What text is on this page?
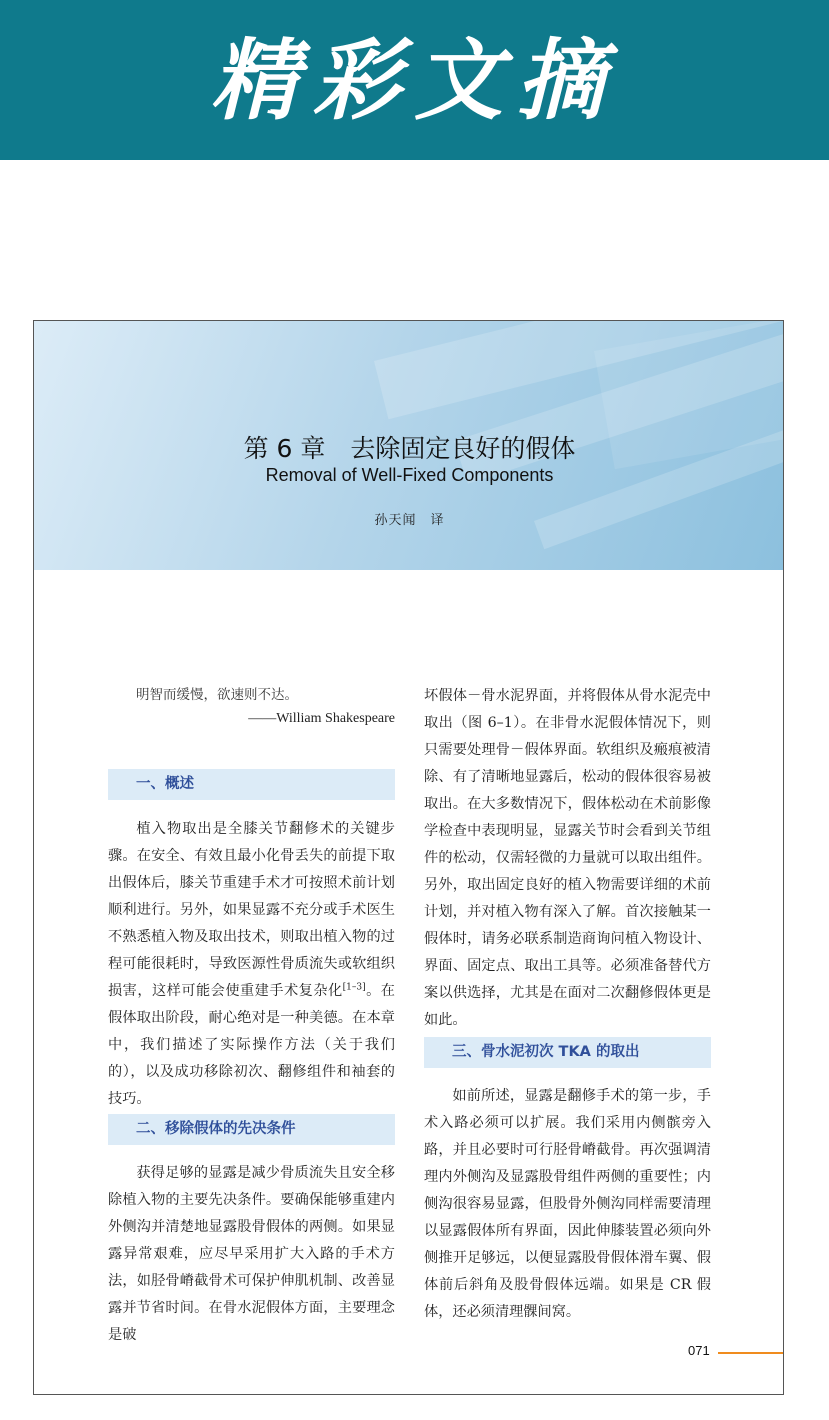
精彩文摘
第 6 章　去除固定良好的假体
Removal of Well-Fixed Components
孙天闻　译
明智而缓慢，欲速则不达。
——William Shakespeare
一、概述

植入物取出是全膝关节翻修术的关键步骤。在安全、有效且最小化骨丢失的前提下取出假体后，膝关节重建手术才可按照术前计划顺利进行。另外，如果显露不充分或手术医生不熟悉植入物及取出技术，则取出植入物的过程可能很耗时，导致医源性骨质流失或软组织损害，这样可能会使重建手术复杂化[1–3]。在假体取出阶段，耐心绝对是一种美德。在本章中，我们描述了实际操作方法（关于我们的），以及成功移除初次、翻修组件和袖套的技巧。

二、移除假体的先决条件

获得足够的显露是减少骨质流失且安全移除植入物的主要先决条件。要确保能够重建内外侧沟并清楚地显露股骨假体的两侧。如果显露异常艰难，应尽早采用扩大入路的手术方法，如胫骨嵴截骨术可保护伸肌机制、改善显露并节省时间。在骨水泥假体方面，主要理念是破

坏假体－骨水泥界面，并将假体从骨水泥壳中取出（图 6–1）。在非骨水泥假体情况下，则只需要处理骨－假体界面。软组织及瘢痕被清除、有了清晰地显露后，松动的假体很容易被取出。在大多数情况下，假体松动在术前影像学检查中表现明显，显露关节时会看到关节组件的松动，仅需轻微的力量就可以取出组件。另外，取出固定良好的植入物需要详细的术前计划，并对植入物有深入了解。首次接触某一假体时，请务必联系制造商询问植入物设计、界面、固定点、取出工具等。必须准备替代方案以供选择，尤其是在面对二次翻修假体更是如此。

三、骨水泥初次 TKA 的取出

如前所述，显露是翻修手术的第一步，手术入路必须可以扩展。我们采用内侧髌旁入路，并且必要时可行胫骨嵴截骨。再次强调清理内外侧沟及显露股骨组件两侧的重要性；内侧沟很容易显露，但股骨外侧沟同样需要清理以显露假体所有界面，因此伸膝装置必须向外侧推开足够远，以便显露股骨假体滑车翼、假体前后斜角及股骨假体远端。如果是 CR 假体，还必须清理髁间窝。

071
